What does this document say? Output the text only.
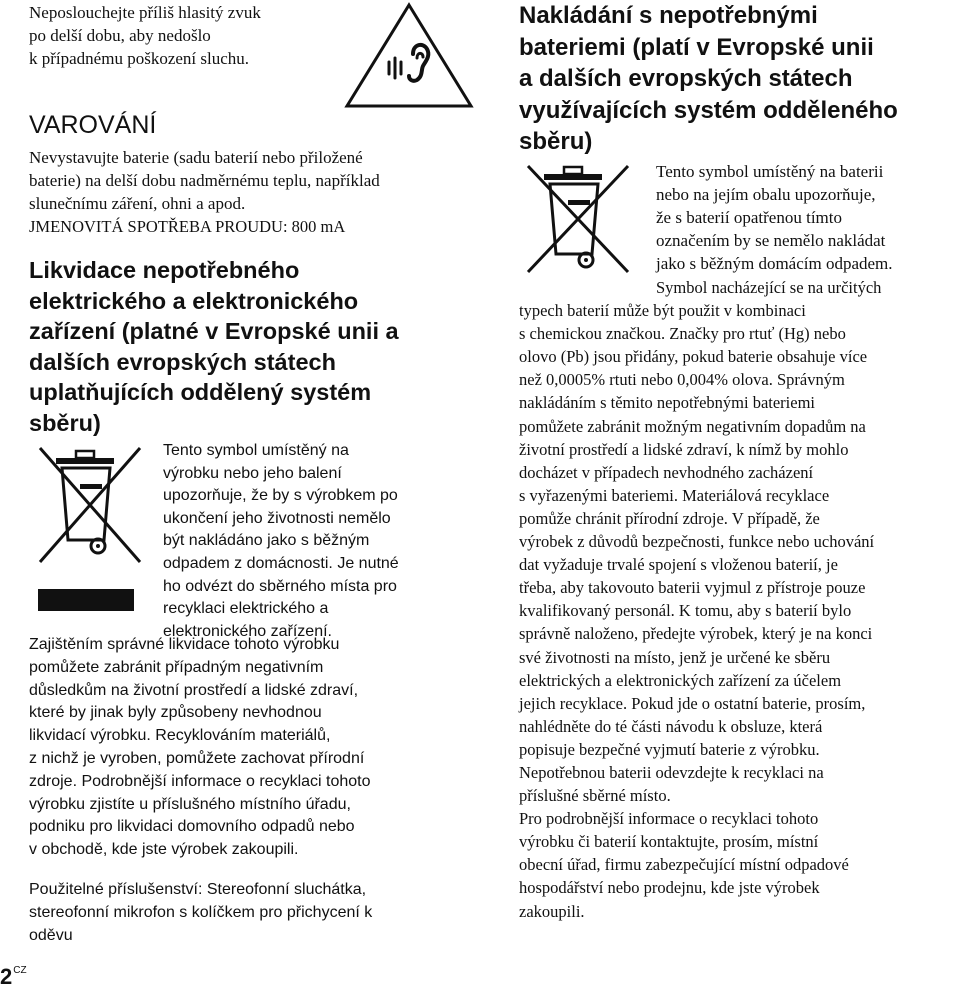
Neposlouchejte příliš hlasitý zvuk
po delší dobu, aby nedošlo
k případnému poškození sluchu.
VAROVÁNÍ
Nevystavujte baterie (sadu baterií nebo přiložené
baterie) na delší dobu nadměrnému teplu, například
slunečnímu záření, ohni a apod.
JMENOVITÁ SPOTŘEBA PROUDU: 800 mA
Likvidace nepotřebného
elektrického a elektronického
zařízení (platné v Evropské unii a
dalších evropských státech
uplatňujících oddělený systém
sběru)
Tento symbol umístěný na
výrobku nebo jeho balení
upozorňuje, že by s výrobkem po
ukončení jeho životnosti nemělo
být nakládáno jako s běžným
odpadem z domácnosti. Je nutné
ho odvézt do sběrného místa pro
recyklaci elektrického a
elektronického zařízení.
Zajištěním správné likvidace tohoto výrobku
pomůžete zabránit případným negativním
důsledkům na životní prostředí a lidské zdraví,
které by jinak byly způsobeny nevhodnou
likvidací výrobku. Recyklováním materiálů,
z nichž je vyroben, pomůžete zachovat přírodní
zdroje. Podrobnější informace o recyklaci tohoto
výrobku zjistíte u příslušného místního úřadu,
podniku pro likvidaci domovního odpadů nebo
v obchodě, kde jste výrobek zakoupili.
Použitelné příslušenství: Stereofonní sluchátka,
stereofonní mikrofon s kolíčkem pro přichycení k
oděvu
$2^{CZ}$
Nakládání s nepotřebnými
bateriemi (platí v Evropské unii
a dalších evropských státech
využívajících systém odděleného
sběru)
Tento symbol umístěný na baterii
nebo na jejím obalu upozorňuje,
že s baterií opatřenou tímto
označením by se nemělo nakládat
jako s běžným domácím odpadem.
Symbol nacházející se na určitých
typech baterií může být použit v kombinaci
s chemickou značkou. Značky pro rtuť (Hg) nebo
olovo (Pb) jsou přidány, pokud baterie obsahuje více
než 0,0005% rtuti nebo 0,004% olova. Správným
nakládáním s těmito nepotřebnými bateriemi
pomůžete zabránit možným negativním dopadům na
životní prostředí a lidské zdraví, k nímž by mohlo
docházet v případech nevhodného zacházení
s vyřazenými bateriemi. Materiálová recyklace
pomůže chránit přírodní zdroje. V případě, že
výrobek z důvodů bezpečnosti, funkce nebo uchování
dat vyžaduje trvalé spojení s vloženou baterií, je
třeba, aby takovouto baterii vyjmul z přístroje pouze
kvalifikovaný personál. K tomu, aby s baterií bylo
správně naloženo, předejte výrobek, který je na konci
své životnosti na místo, jenž je určené ke sběru
elektrických a elektronických zařízení za účelem
jejich recyklace. Pokud jde o ostatní baterie, prosím,
nahlédněte do té části návodu k obsluze, která
popisuje bezpečné vyjmutí baterie z výrobku.
Nepotřebnou baterii odevzdejte k recyklaci na
příslušné sběrné místo.
Pro podrobnější informace o recyklaci tohoto
výrobku či baterií kontaktujte, prosím, místní
obecní úřad, firmu zabezpečující místní odpadové
hospodářství nebo prodejnu, kde jste výrobek
zakoupili.
